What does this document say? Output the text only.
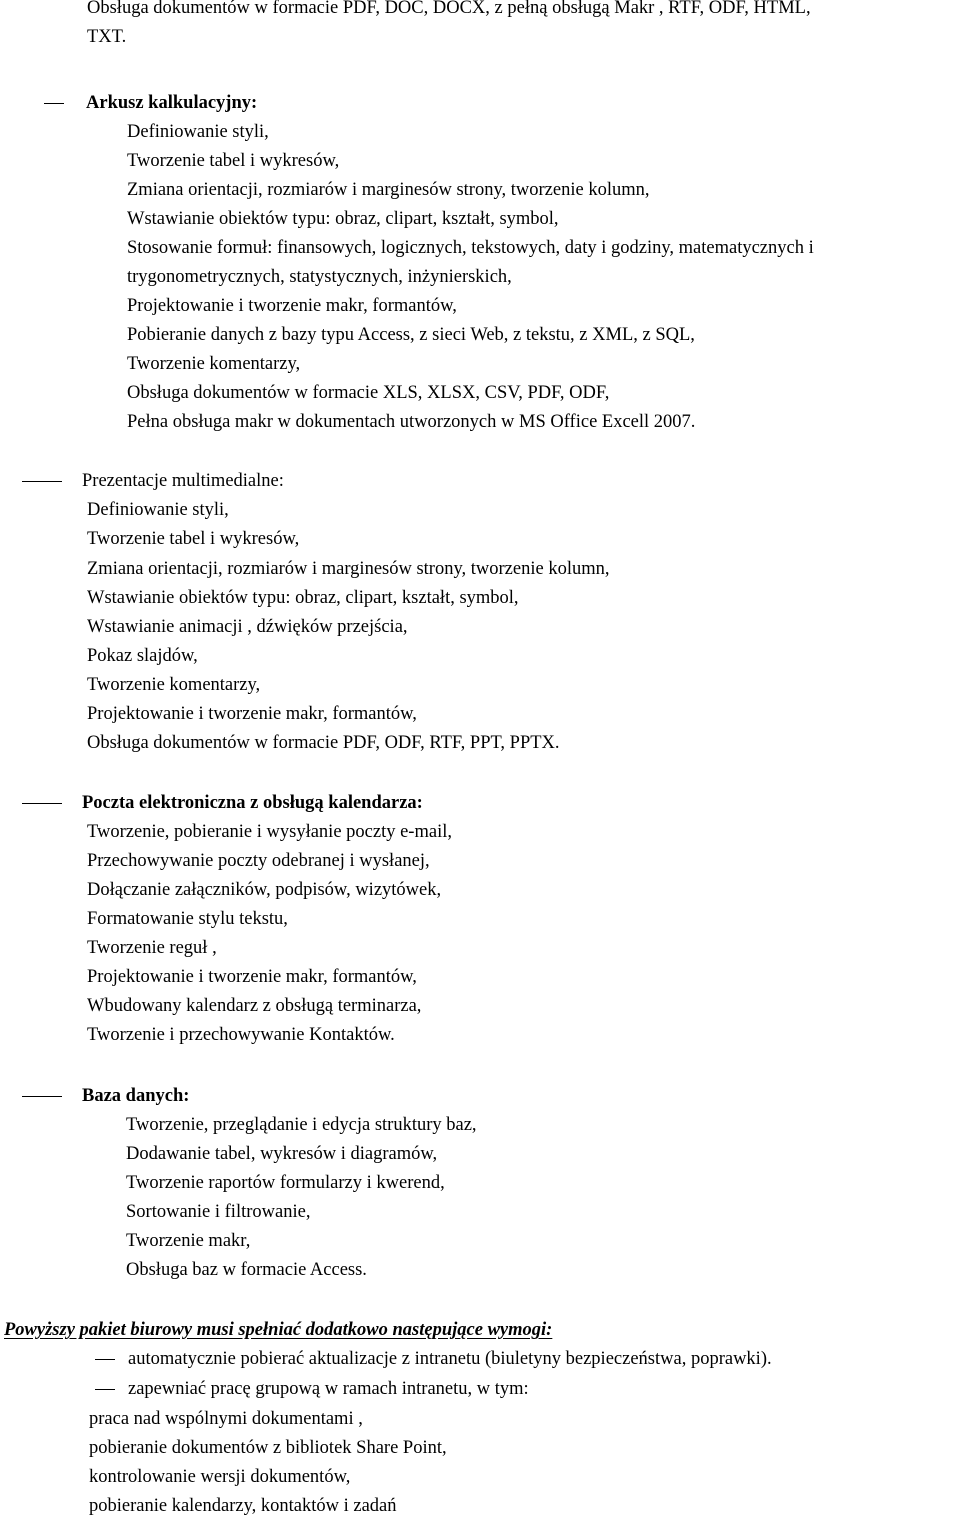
Obsługa dokumentów w formacie PDF, DOC, DOCX, z pełną obsługą Makr , RTF, ODF, HTML,
TXT.
Arkusz kalkulacyjny:
Definiowanie styli,
Tworzenie tabel i wykresów,
Zmiana orientacji, rozmiarów i marginesów strony, tworzenie kolumn,
Wstawianie obiektów typu: obraz, clipart, kształt, symbol,
Stosowanie formuł: finansowych, logicznych, tekstowych, daty i godziny, matematycznych i
trygonometrycznych, statystycznych, inżynierskich,
Projektowanie i tworzenie makr, formantów,
Pobieranie danych z bazy typu Access, z sieci Web, z tekstu, z XML, z SQL,
Tworzenie komentarzy,
Obsługa dokumentów w formacie XLS, XLSX, CSV, PDF, ODF,
Pełna obsługa makr w dokumentach utworzonych w MS Office Excell 2007.
Prezentacje multimedialne:
Definiowanie styli,
Tworzenie tabel i wykresów,
Zmiana orientacji, rozmiarów i marginesów strony, tworzenie kolumn,
Wstawianie obiektów typu: obraz, clipart, kształt, symbol,
Wstawianie animacji , dźwięków przejścia,
Pokaz slajdów,
Tworzenie komentarzy,
Projektowanie i tworzenie makr, formantów,
Obsługa dokumentów w formacie PDF, ODF, RTF, PPT, PPTX.
Poczta elektroniczna z obsługą kalendarza:
Tworzenie, pobieranie i wysyłanie poczty e-mail,
Przechowywanie poczty odebranej i wysłanej,
Dołączanie załączników, podpisów, wizytówek,
Formatowanie stylu tekstu,
Tworzenie reguł ,
Projektowanie i tworzenie makr, formantów,
Wbudowany kalendarz z obsługą terminarza,
Tworzenie i przechowywanie Kontaktów.
Baza danych:
Tworzenie, przeglądanie i edycja struktury baz,
Dodawanie tabel, wykresów i diagramów,
Tworzenie raportów formularzy i kwerend,
Sortowanie i filtrowanie,
Tworzenie makr,
Obsługa baz w formacie Access.
Powyższy pakiet biurowy musi spełniać dodatkowo następujące wymogi:
automatycznie pobierać aktualizacje z intranetu (biuletyny bezpieczeństwa, poprawki).
zapewniać pracę grupową w ramach intranetu, w tym:
praca nad wspólnymi dokumentami ,
pobieranie dokumentów z bibliotek Share Point,
kontrolowanie wersji dokumentów,
pobieranie kalendarzy, kontaktów i zadań
